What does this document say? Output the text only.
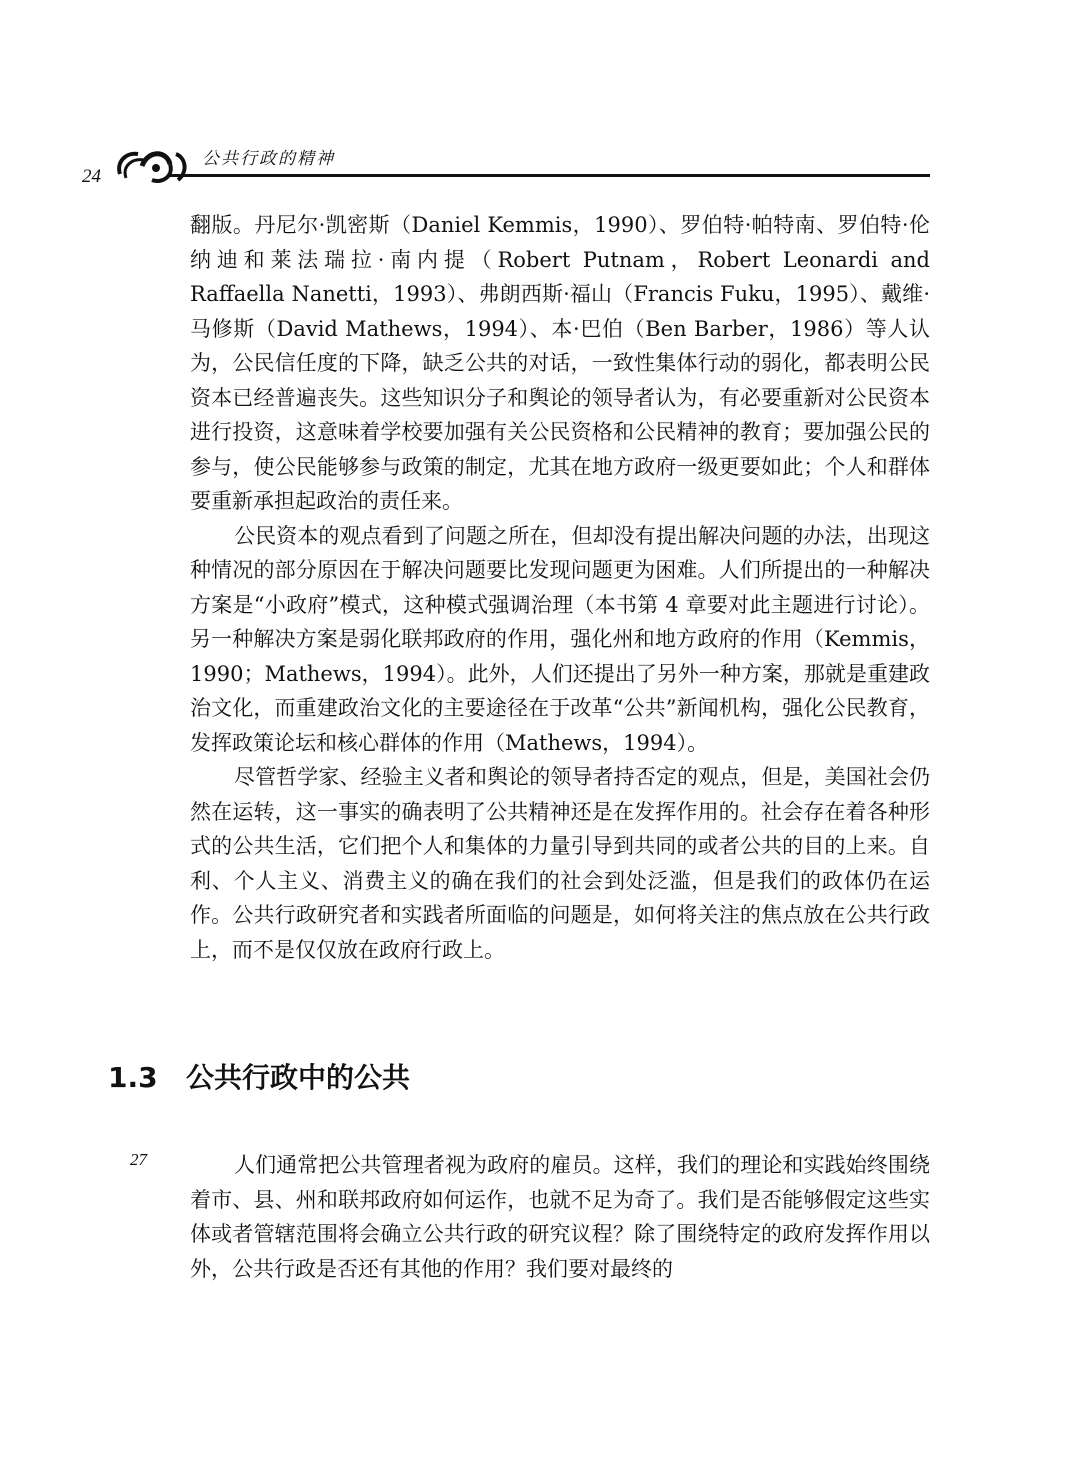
24
公共行政的精神

翻版。丹尼尔·凯密斯（Daniel Kemmis，1990）、罗伯特·帕特南、罗伯特·伦纳迪和莱法瑞拉·南内提（Robert Putnam，Robert Leonardi and Raffaella Nanetti，1993）、弗朗西斯·福山（Francis Fuku，1995）、戴维·马修斯（David Mathews，1994）、本·巴伯（Ben Barber，1986）等人认为，公民信任度的下降，缺乏公共的对话，一致性集体行动的弱化，都表明公民资本已经普遍丧失。这些知识分子和舆论的领导者认为，有必要重新对公民资本进行投资，这意味着学校要加强有关公民资格和公民精神的教育；要加强公民的参与，使公民能够参与政策的制定，尤其在地方政府一级更要如此；个人和群体要重新承担起政治的责任来。

公民资本的观点看到了问题之所在，但却没有提出解决问题的办法，出现这种情况的部分原因在于解决问题要比发现问题更为困难。人们所提出的一种解决方案是“小政府”模式，这种模式强调治理（本书第 4 章要对此主题进行讨论）。另一种解决方案是弱化联邦政府的作用，强化州和地方政府的作用（Kemmis，1990；Mathews，1994）。此外，人们还提出了另外一种方案，那就是重建政治文化，而重建政治文化的主要途径在于改革“公共”新闻机构，强化公民教育，发挥政策论坛和核心群体的作用（Mathews，1994）。

尽管哲学家、经验主义者和舆论的领导者持否定的观点，但是，美国社会仍然在运转，这一事实的确表明了公共精神还是在发挥作用的。社会存在着各种形式的公共生活，它们把个人和集体的力量引导到共同的或者公共的目的上来。自利、个人主义、消费主义的确在我们的社会到处泛滥，但是我们的政体仍在运作。公共行政研究者和实践者所面临的问题是，如何将关注的焦点放在公共行政上，而不是仅仅放在政府行政上。

1.3 公共行政中的公共
27	人们通常把公共管理者视为政府的雇员。这样，我们的理论和实践始终围绕着市、县、州和联邦政府如何运作，也就不足为奇了。我们是否能够假定这些实体或者管辖范围将会确立公共行政的研究议程？除了围绕特定的政府发挥作用以外，公共行政是否还有其他的作用？我们要对最终的
